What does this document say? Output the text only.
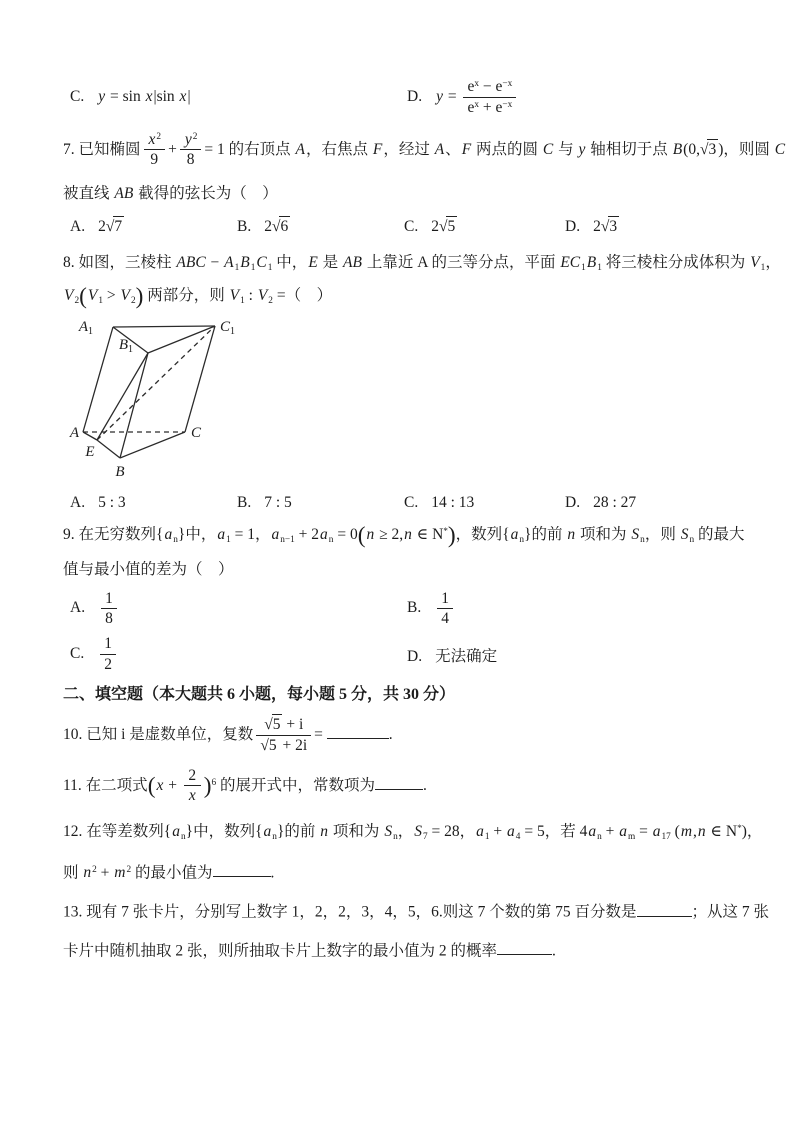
C. y = sin x|sin x|	D. $y = \frac{e^x - e^{-x}}{e^x + e^{-x}}$
7. 已知椭圆 $\frac{x^2}{9} + \frac{y^2}{8} = 1$ 的右顶点 A，右焦点 F，经过 A、F 两点的圆 C 与 y 轴相切于点 B(0,√3 )，则圆 C
被直线 AB 截得的弦长为（　）
A. 2√7	B. 2√6	C. 2√5	D. 2√3
8. 如图，三棱柱 ABC − $A_1B_1C_1$ 中，E 是 AB 上靠近 A 的三等分点，平面 $EC_1B_1$ 将三棱柱分成体积为 $V_1$，
$V_2(V_1 > V_2)$ 两部分，则 $V_1$ : $V_2$ =（　）
$A_1$
$B_1$
$C_1$
A
E
B
C
A. 5 : 3	B. 7 : 5	C. 14 : 13	D. 28 : 27
9. 在无穷数列$\{a_n\}$中，$a_1 = 1$，$a_{n-1} + 2a_n = 0(n \ge 2,n$ ∈ N*)，数列$\{a_n\}$的前 n 项和为 $S_n$，则 $S_n$ 的最大
值与最小值的差为（　）
A. $\frac{1}{8}$	B. $\frac{1}{4}$
C. $\frac{1}{2}$	D. 无法确定
二、填空题（本大题共 6 小题，每小题 5 分，共 30 分）
10. 已知 i 是虚数单位，复数 $\frac{√5 + i}{√5 + 2i}$ =	.
11. 在二项式$(x + \frac{2}{x} )^6$ 的展开式中，常数项为	.
12. 在等差数列$\{a_n\}$中，数列$\{a_n\}$的前 n 项和为 $S_n$，$S_7 = 28$，$a_1 + a_4 = 5$，若 $4a_n + a_m = a_{17}$ (m,n ∈ N*)，
则 $n^2 + m^2$ 的最小值为	.
13. 现有 7 张卡片，分别写上数字 1，2，2，3，4，5，6.则这 7 个数的第 75 百分数是	；从这 7 张
卡片中随机抽取 2 张，则所抽取卡片上数字的最小值为 2 的概率	.
